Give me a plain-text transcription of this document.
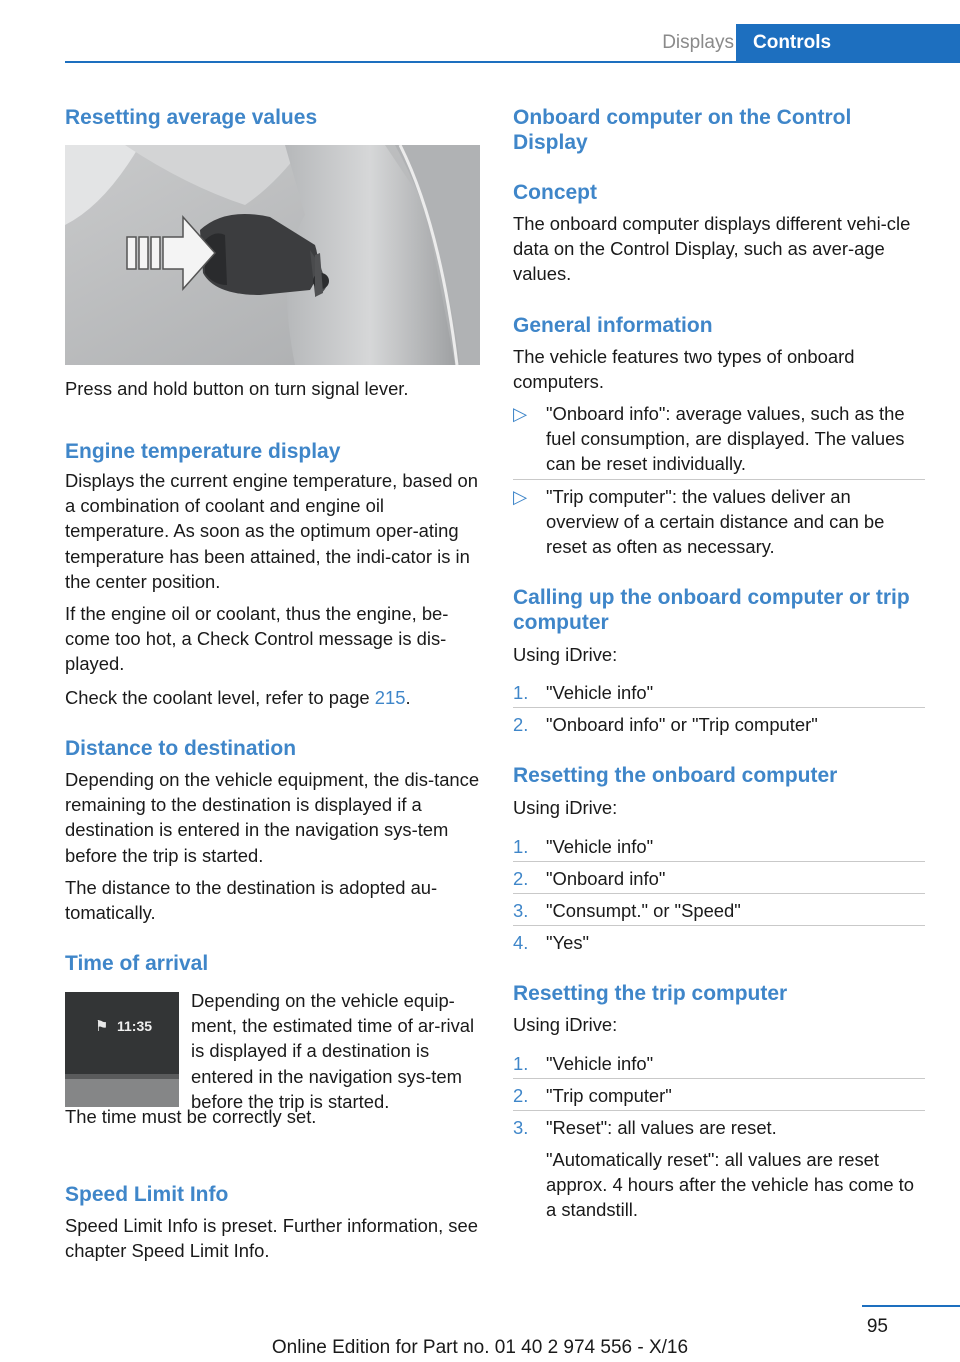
Displays	Controls
Resetting average values
Press and hold button on turn signal lever.
Engine temperature display
Displays the current engine temperature, based on a combination of coolant and engine oil temperature. As soon as the optimum oper-ating temperature has been attained, the indi-cator is in the center position.
If the engine oil or coolant, thus the engine, be-come too hot, a Check Control message is dis-played.
Check the coolant level, refer to page 215.
Distance to destination
Depending on the vehicle equipment, the dis-tance remaining to the destination is displayed if a destination is entered in the navigation sys-tem before the trip is started.
The distance to the destination is adopted au-tomatically.
Time of arrival
⚑ 11:35
Depending on the vehicle equip-ment, the estimated time of ar-rival is displayed if a destination is entered in the navigation sys-tem before the trip is started.
The time must be correctly set.
Speed Limit Info
Speed Limit Info is preset. Further information, see chapter Speed Limit Info.
Onboard computer on the Control Display
Concept
The onboard computer displays different vehi-cle data on the Control Display, such as aver-age values.
General information
The vehicle features two types of onboard computers.
▷	"Onboard info": average values, such as the fuel consumption, are displayed. The values can be reset individually.
▷	"Trip computer": the values deliver an overview of a certain distance and can be reset as often as necessary.
Calling up the onboard computer or trip computer
Using iDrive:
1. "Vehicle info"
2. "Onboard info" or "Trip computer"
Resetting the onboard computer
Using iDrive:
1. "Vehicle info"
2. "Onboard info"
3. "Consumpt." or "Speed"
4. "Yes"
Resetting the trip computer
Using iDrive:
1. "Vehicle info"
2. "Trip computer"
3. "Reset": all values are reset.
"Automatically reset": all values are reset approx. 4 hours after the vehicle has come to a standstill.
95
Online Edition for Part no. 01 40 2 974 556 - X/16
